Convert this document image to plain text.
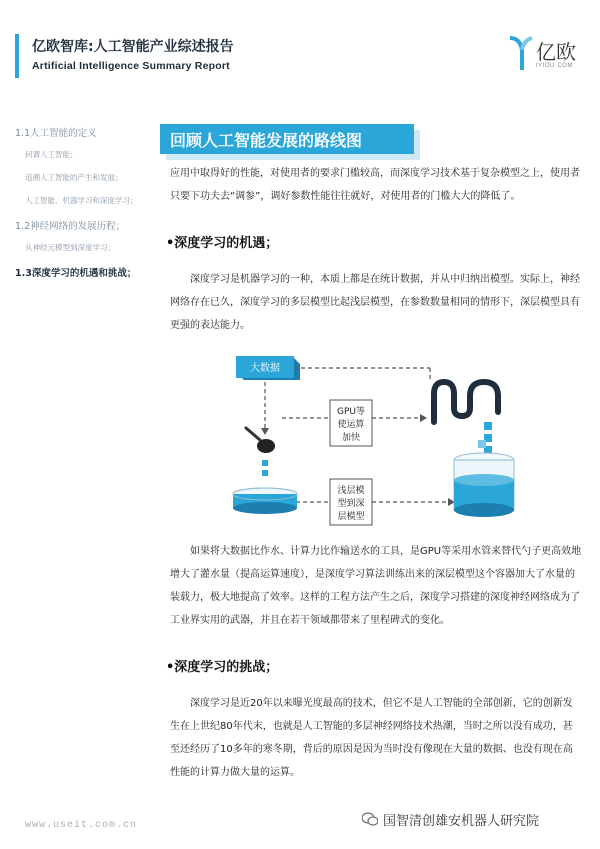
亿欧智库:人工智能产业综述报告
Artificial Intelligence Summary Report
亿欧
IYIOU·COM
1.1人工智能的定义
何谓人工智能；
追溯人工智能的产生和发展；
人工智能、机器学习和深度学习；
1.2神经网络的发展历程；
从神经元模型到深度学习；
1.3深度学习的机遇和挑战；
回顾人工智能发展的路线图
应用中取得好的性能，对使用者的要求门槛较高，而深度学习技术基于复杂模型之上，使用者只要下功夫去“调参”，调好参数性能往往就好，对使用者的门槛大大的降低了。
•深度学习的机遇；
　　深度学习是机器学习的一种，本质上都是在统计数据，并从中归纳出模型。实际上，神经网络存在已久，深度学习的多层模型比起浅层模型，在参数数量相同的情形下，深层模型具有更强的表达能力。
大数据
GPU等
使运算
加快
浅层模
型到深
层模型
　　如果将大数据比作水、计算力比作输送水的工具，是GPU等采用水管来替代勺子更高效地增大了灌水量（提高运算速度），是深度学习算法训练出来的深层模型这个容器加大了水量的装载力，极大地提高了效率。这样的工程方法产生之后，深度学习搭建的深度神经网络成为了工业界实用的武器，并且在若干领域都带来了里程碑式的变化。
•深度学习的挑战；
　　深度学习是近20年以来曝光度最高的技术，但它不是人工智能的全部创新，它的创新发生在上世纪80年代末，也就是人工智能的多层神经网络技术热潮，当时之所以没有成功，甚至还经历了10多年的寒冬期，背后的原因是因为当时没有像现在大量的数据、也没有现在高性能的计算力做大量的运算。
www.useit.com.cn	国智清创雄安机器人研究院
